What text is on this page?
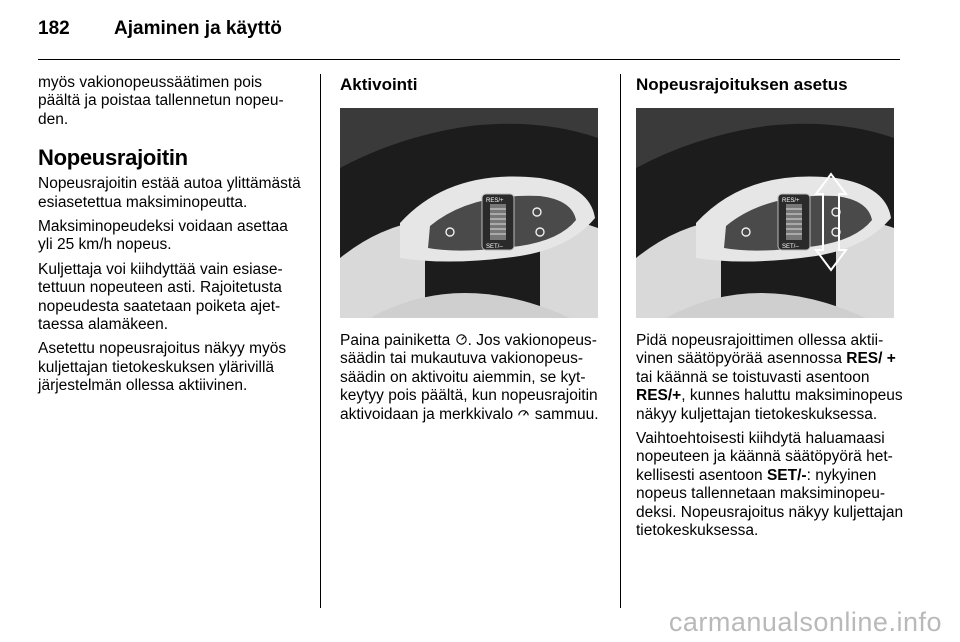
182 Ajaminen ja käyttö

myös vakionopeussäätimen pois päältä ja poistaa tallennetun nopeuden.

Nopeusrajoitin

Nopeusrajoitin estää autoa ylittämästä esiasetettua maksiminopeutta.

Maksiminopeudeksi voidaan asettaa yli 25 km/h nopeus.

Kuljettaja voi kiihdyttää vain esiasetettuun nopeuteen asti. Rajoitetusta nopeudesta saatetaan poiketa ajettaessa alamäkeen.

Asetettu nopeusrajoitus näkyy myös kuljettajan tietokeskuksen ylärivillä järjestelmän ollessa aktiivinen.

Aktivointi
RES/+
SET/–

Paina painiketta . Jos vakionopeussäädin tai mukautuva vakionopeussäädin on aktivoitu aiemmin, se kytkeytyy pois päältä, kun nopeusrajoitin aktivoidaan ja merkkivalo  sammuu.

Nopeusrajoituksen asetus
RES/+
SET/–

Pidä nopeusrajoittimen ollessa aktiivinen säätöpyörää asennossa RES/ + tai käännä se toistuvasti asentoon RES/+, kunnes haluttu maksiminopeus näkyy kuljettajan tietokeskuksessa.

Vaihtoehtoisesti kiihdytä haluamaasi nopeuteen ja käännä säätöpyörä hetkellisesti asentoon SET/-: nykyinen nopeus tallennetaan maksiminopeudeksi. Nopeusrajoitus näkyy kuljettajan tietokeskuksessa.

carmanualsonline.info
